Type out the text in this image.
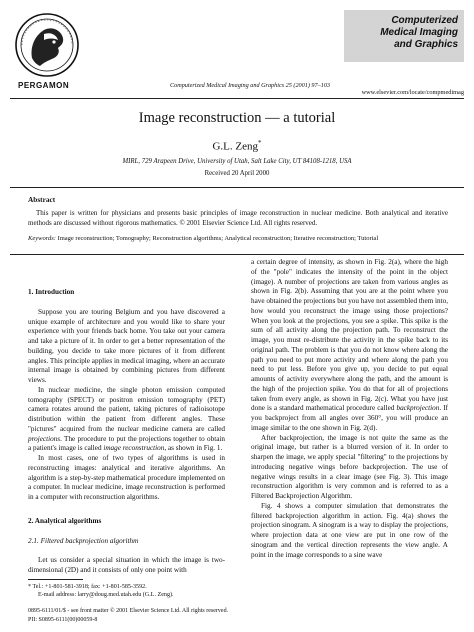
PERGAMON	Computerized Medical Imaging and Graphics 25 (2001) 97–103
Computerized
Medical Imaging
and Graphics
www.elsevier.com/locate/compmedimag
Image reconstruction — a tutorial
G.L. Zeng*
MIRL, 729 Arapeen Drive, University of Utah, Salt Lake City, UT 84108-1218, USA
Received 20 April 2000
Abstract
This paper is written for physicians and presents basic principles of image reconstruction in nuclear medicine. Both analytical and iterative methods are discussed without rigorous mathematics. © 2001 Elsevier Science Ltd. All rights reserved.
Keywords: Image reconstruction; Tomography; Reconstruction algorithms; Analytical reconstruction; Iterative reconstruction; Tutorial
1. Introduction

Suppose you are touring Belgium and you have discovered a unique example of architecture and you would like to share your experience with your friends back home. You take out your camera and take a picture of it. In order to get a better representation of the building, you decide to take more pictures of it from different angles. This principle applies in medical imaging, where an accurate internal image is obtained by combining pictures from different views.

In nuclear medicine, the single photon emission computed tomography (SPECT) or positron emission tomography (PET) camera rotates around the patient, taking pictures of radioisotope distribution within the patient from different angles. These "pictures" acquired from the nuclear medicine camera are called projections. The procedure to put the projections together to obtain a patient's image is called image reconstruction, as shown in Fig. 1.

In most cases, one of two types of algorithms is used in reconstructing images: analytical and iterative algorithms. An algorithm is a step-by-step mathematical procedure implemented on a computer. In nuclear medicine, image reconstruction is performed in a computer with reconstruction algorithms.

2. Analytical algorithms
2.1. Filtered backprojection algorithm

Let us consider a special situation in which the image is two-dimensional (2D) and it consists of only one point with

a certain degree of intensity, as shown in Fig. 2(a), where the high of the "pole" indicates the intensity of the point in the object (image). A number of projections are taken from various angles as shown in Fig. 2(b). Assuming that you are at the point where you have obtained the projections but you have not assembled them into, how would you reconstruct the image using those projections? When you look at the projections, you see a spike. This spike is the sum of all activity along the projection path. To reconstruct the image, you must re-distribute the activity in the spike back to its original path. The problem is that you do not know where along the path you need to put more activity and where along the path you need to put less. Before you give up, you decide to put equal amounts of activity everywhere along the path, and the amount is the high of the projection spike. You do that for all of projections taken from every angle, as shown in Fig. 2(c). What you have just done is a standard mathematical procedure called backprojection. If you backproject from all angles over 360°, you will produce an image similar to the one shown in Fig. 2(d).

After backprojection, the image is not quite the same as the original image, but rather is a blurred version of it. In order to sharpen the image, we apply special "filtering" to the projections by introducing negative wings before backprojection. The use of negative wings results in a clear image (see Fig. 3). This image reconstruction algorithm is very common and is referred to as a Filtered Backprojection Algorithm.

Fig. 4 shows a computer simulation that demonstrates the filtered backprojection algorithm in action. Fig. 4(a) shows the projection sinogram. A sinogram is a way to display the projections, where projection data at one view are put in one row of the sinogram and the vertical direction represents the view angle. A point in the image corresponds to a sine wave

* Tel.: +1-801-581-3918; fax: +1-801-585-3592.
E-mail address: larry@doug.med.utah.edu (G.L. Zeng).
0895-6111/01/$ - see front matter © 2001 Elsevier Science Ltd. All rights reserved.
PII: S0895-6111(00)00059-8
